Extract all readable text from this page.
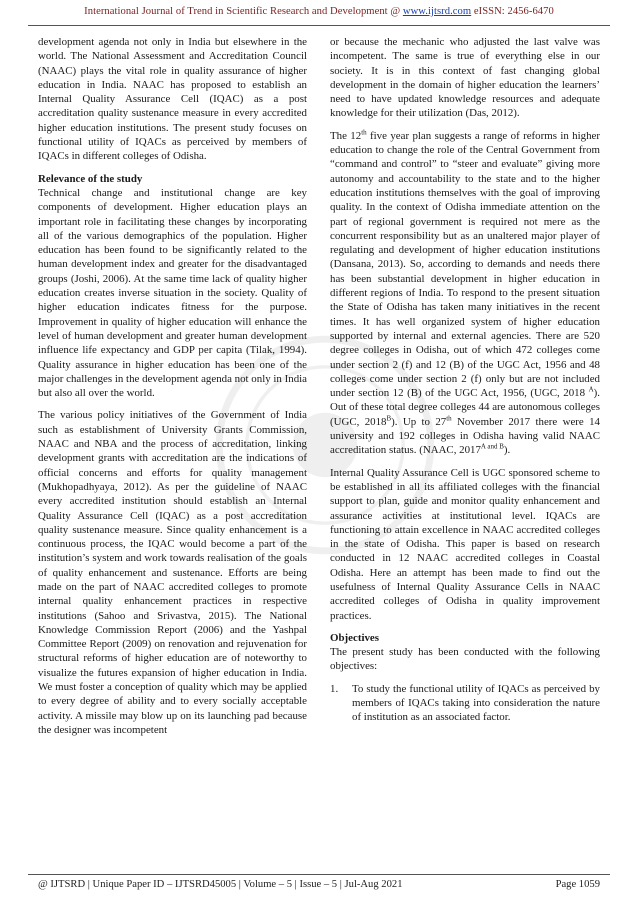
International Journal of Trend in Scientific Research and Development @ www.ijtsrd.com eISSN: 2456-6470

development agenda not only in India but elsewhere in the world. The National Assessment and Accreditation Council (NAAC) plays the vital role in quality assurance of higher education in India. NAAC has proposed to establish an Internal Quality Assurance Cell (IQAC) as a post accreditation quality sustenance measure in every accredited higher education institutions. The present study focuses on functional utility of IQACs as perceived by members of IQACs in different colleges of Odisha.

Relevance of the study

Technical change and institutional change are key components of development. Higher education plays an important role in facilitating these changes by incorporating all of the various demographics of the population. Higher education has been found to be significantly related to the human development index and greater for the disadvantaged groups (Joshi, 2006). At the same time lack of quality higher education creates inverse situation in the society. Quality of higher education indicates fitness for the purpose. Improvement in quality of higher education will enhance the level of human development and greater human development influence life expectancy and GDP per capita (Tilak, 1994). Quality assurance in higher education has been one of the major challenges in the development agenda not only in India but also all over the world.

The various policy initiatives of the Government of India such as establishment of University Grants Commission, NAAC and NBA and the process of accreditation, linking development grants with accreditation are the indications of official concerns and efforts for quality management (Mukhopadhyaya, 2012). As per the guideline of NAAC every accredited institution should establish an Internal Quality Assurance Cell (IQAC) as a post accreditation quality sustenance measure. Since quality enhancement is a continuous process, the IQAC would become a part of the institution’s system and work towards realisation of the goals of quality enhancement and sustenance. Efforts are being made on the part of NAAC accredited colleges to promote internal quality enhancement practices in respective institutions (Sahoo and Srivastva, 2015). The National Knowledge Commission Report (2006) and the Yashpal Committee Report (2009) on renovation and rejuvenation for structural reforms of higher education are of noteworthy to visualize the futures expansion of higher education in India. We must foster a conception of quality which may be applied to every degree of ability and to every socially acceptable activity. A missile may blow up on its launching pad because the designer was incompetent

or because the mechanic who adjusted the last valve was incompetent. The same is true of everything else in our society. It is in this context of fast changing global development in the domain of higher education the learners’ need to have updated knowledge resources and adequate knowledge for their utilization (Das, 2012).

The 12th five year plan suggests a range of reforms in higher education to change the role of the Central Government from “command and control” to “steer and evaluate” giving more autonomy and accountability to the state and to the higher education institutions themselves with the goal of improving quality. In the context of Odisha immediate attention on the part of regional government is required not mere as the concurrent responsibility but as an unaltered major player of regulating and development of higher education institutions (Dansana, 2013). So, according to demands and needs there has been substantial development in higher education in different regions of India. To respond to the present situation the State of Odisha has taken many initiatives in the recent times. It has well organized system of higher education supported by internal and external agencies. There are 520 degree colleges in Odisha, out of which 472 colleges come under section 2 (f) and 12 (B) of the UGC Act, 1956 and 48 colleges come under section 2 (f) only but are not included under section 12 (B) of the UGC Act, 1956, (UGC, 2018 $^A$). Out of these total degree colleges 44 are autonomous colleges (UGC, $2018^B$). Up to 27th November 2017 there were 14 university and 192 colleges in Odisha having valid NAAC accreditation status. (NAAC, $2017^{A and B}$).

Internal Quality Assurance Cell is UGC sponsored scheme to be established in all its affiliated colleges with the financial support to plan, guide and monitor quality enhancement and assurance activities at institutional level. IQACs are functioning to attain excellence in NAAC accredited colleges in the state of Odisha. This paper is based on research conducted in 12 NAAC accredited colleges in Coastal Odisha. Here an attempt has been made to find out the usefulness of Internal Quality Assurance Cells in NAAC accredited colleges of Odisha in quality improvement practices.

Objectives

The present study has been conducted with the following objectives:

1.	To study the functional utility of IQACs as perceived by members of IQACs taking into consideration the nature of institution as an associated factor.
@ IJTSRD | Unique Paper ID – IJTSRD45005 | Volume – 5 | Issue – 5 | Jul-Aug 2021	Page 1059
